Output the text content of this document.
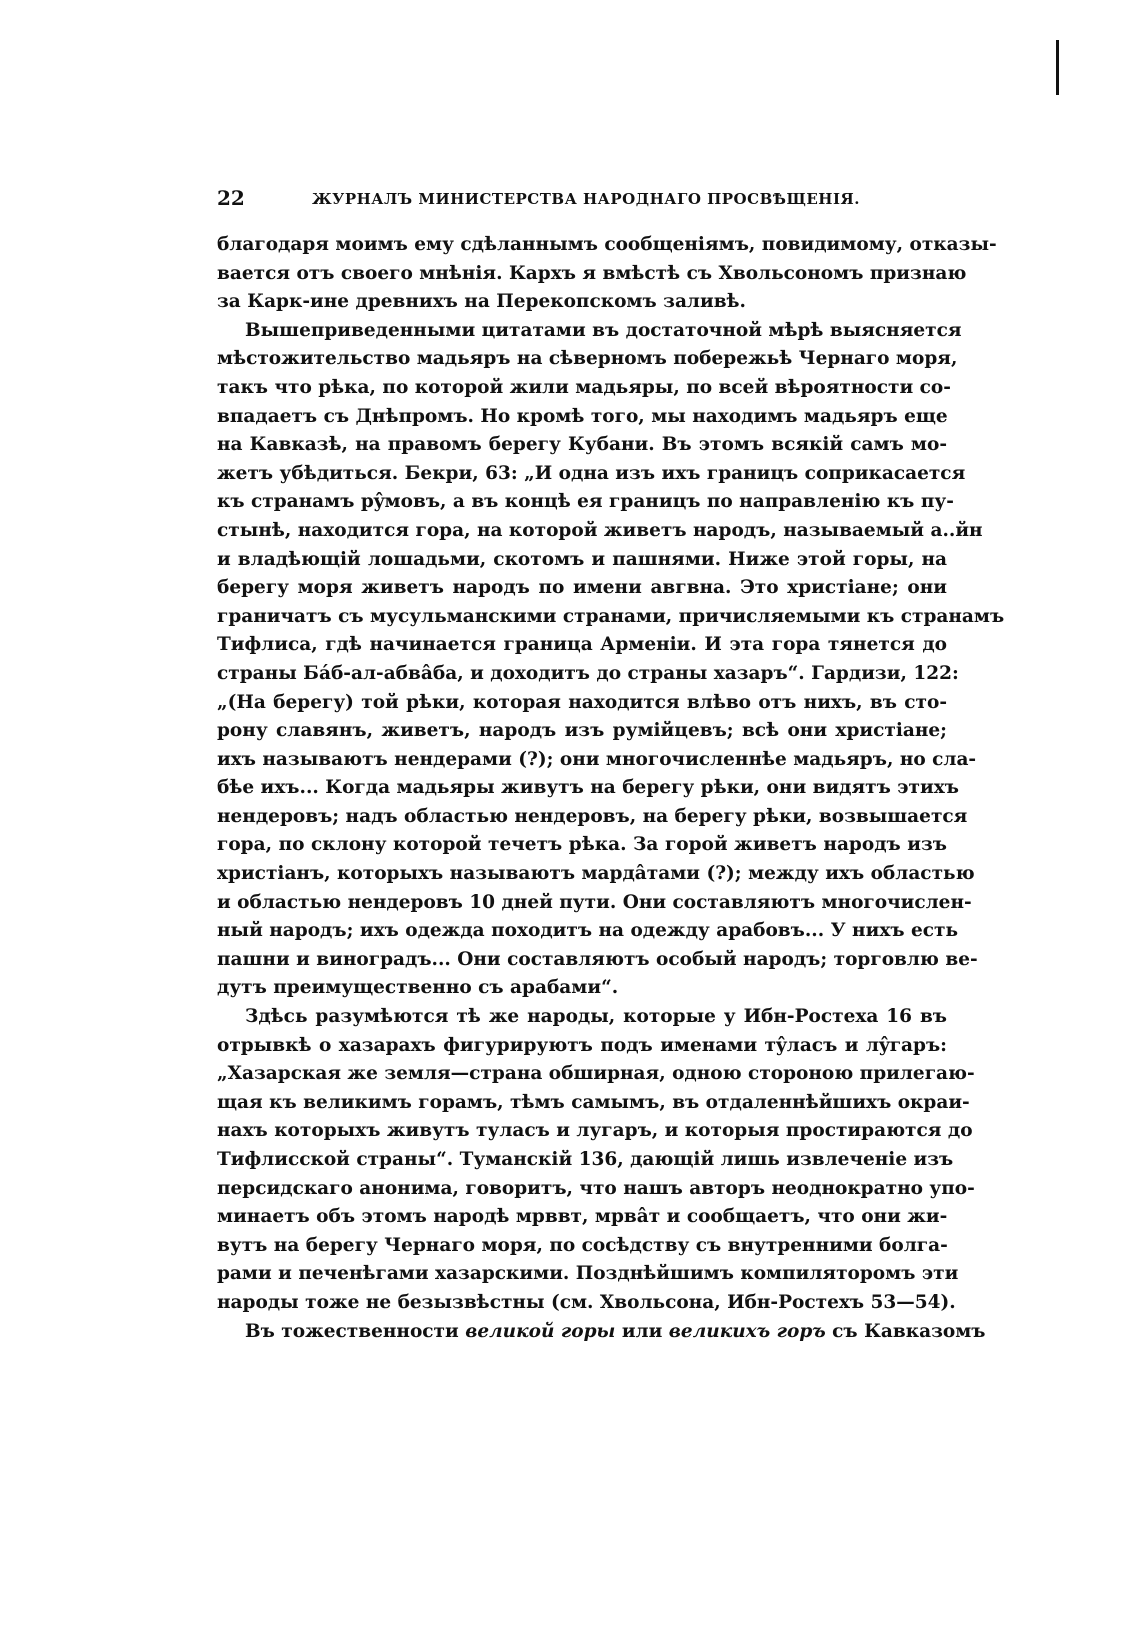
22	ЖУРНАЛЪ МИНИСТЕРСТВА НАРОДНАГО ПРОСВѢЩЕНІЯ.
благодаря моимъ ему сдѣланнымъ сообщеніямъ, повидимому, отказы-
вается отъ своего мнѣнія. Кархъ я вмѣстѣ съ Хвольсономъ признаю
за Карк-ине древнихъ на Перекопскомъ заливѣ.
Вышеприведенными цитатами въ достаточной мѣрѣ выясняется
мѣстожительство мадьяръ на сѣверномъ побережьѣ Чернаго моря,
такъ что рѣка, по которой жили мадьяры, по всей вѣроятности со-
впадаетъ съ Днѣпромъ. Но кромѣ того, мы находимъ мадьяръ еще
на Кавказѣ, на правомъ берегу Кубани. Въ этомъ всякій самъ мо-
жетъ убѣдиться. Бекри, 63: „И одна изъ ихъ границъ соприкасается
къ странамъ рŷмовъ, а въ концѣ ея границъ по направленію къ пу-
стынѣ, находится гора, на которой живетъ народъ, называемый а..йн
и владѣющій лошадьми, скотомъ и пашнями. Ниже этой горы, на
берегу моря живетъ народъ по имени авгвна. Это христіане; они
граничатъ съ мусульманскими странами, причисляемыми къ странамъ
Тифлиса, гдѣ начинается граница Арменіи. И эта гора тянется до
страны Бáб-ал-абвâба, и доходитъ до страны хазаръ“. Гардизи, 122:
„(На берегу) той рѣки, которая находится влѣво отъ нихъ, въ сто-
рону славянъ, живетъ, народъ изъ румійцевъ; всѣ они христіане;
ихъ называютъ нендерами (?); они многочисленнѣе мадьяръ, но сла-
бѣе ихъ... Когда мадьяры живутъ на берегу рѣки, они видятъ этихъ
нендеровъ; надъ областью нендеровъ, на берегу рѣки, возвышается
гора, по склону которой течетъ рѣка. За горой живетъ народъ изъ
христіанъ, которыхъ называютъ мардâтами (?); между ихъ областью
и областью нендеровъ 10 дней пути. Они составляютъ многочислен-
ный народъ; ихъ одежда походитъ на одежду арабовъ... У нихъ есть
пашни и виноградъ... Они составляютъ особый народъ; торговлю ве-
дутъ преимущественно съ арабами“.
Здѣсь разумѣются тѣ же народы, которые у Ибн-Ростеха 16 въ
отрывкѣ о хазарахъ фигурируютъ подъ именами тŷласъ и лŷгаръ:
„Хазарская же земля—страна обширная, одною стороною прилегаю-
щая къ великимъ горамъ, тѣмъ самымъ, въ отдаленнѣйшихъ окраи-
нахъ которыхъ живутъ туласъ и лугаръ, и которыя простираются до
Тифлисской страны“. Туманскій 136, дающій лишь извлеченіе изъ
персидскаго анонима, говоритъ, что нашъ авторъ неоднократно упо-
минаетъ объ этомъ народѣ мрввт, мрвâт и сообщаетъ, что они жи-
вутъ на берегу Чернаго моря, по сосѣдству съ внутренними болга-
рами и печенѣгами хазарскими. Позднѣйшимъ компиляторомъ эти
народы тоже не безызвѣстны (см. Хвольсона, Ибн-Ростехъ 53—54).
Въ тожественности великой горы или великихъ горъ съ Кавказомъ
